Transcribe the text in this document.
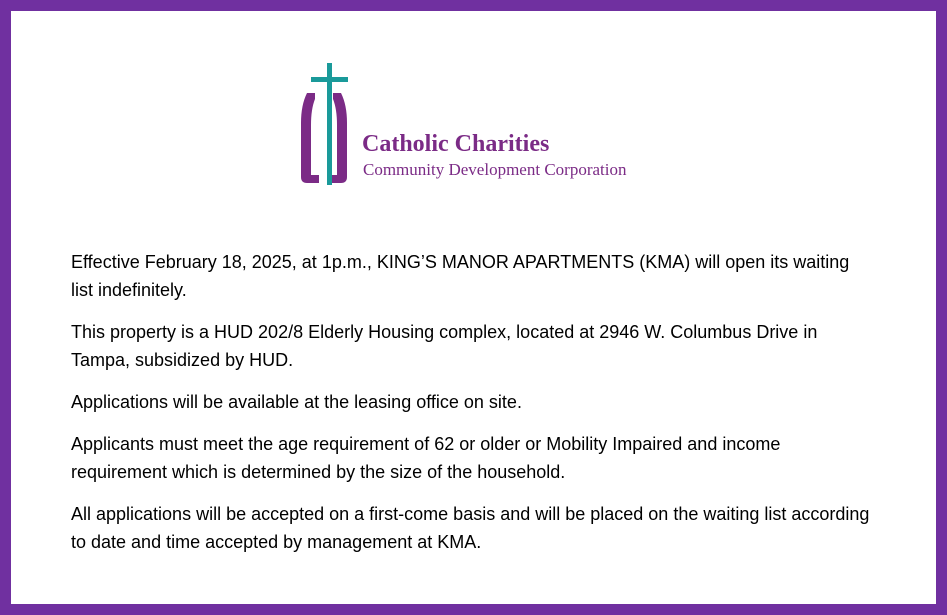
Catholic Charities
Community Development Corporation

Effective February 18, 2025, at 1p.m., KING’S MANOR APARTMENTS (KMA) will open its waiting list indefinitely.

This property is a HUD 202/8 Elderly Housing complex, located at 2946 W. Columbus Drive in Tampa, subsidized by HUD.

Applications will be available at the leasing office on site.

Applicants must meet the age requirement of 62 or older or Mobility Impaired and income requirement which is determined by the size of the household.

All applications will be accepted on a first-come basis and will be placed on the waiting list according to date and time accepted by management at KMA.
